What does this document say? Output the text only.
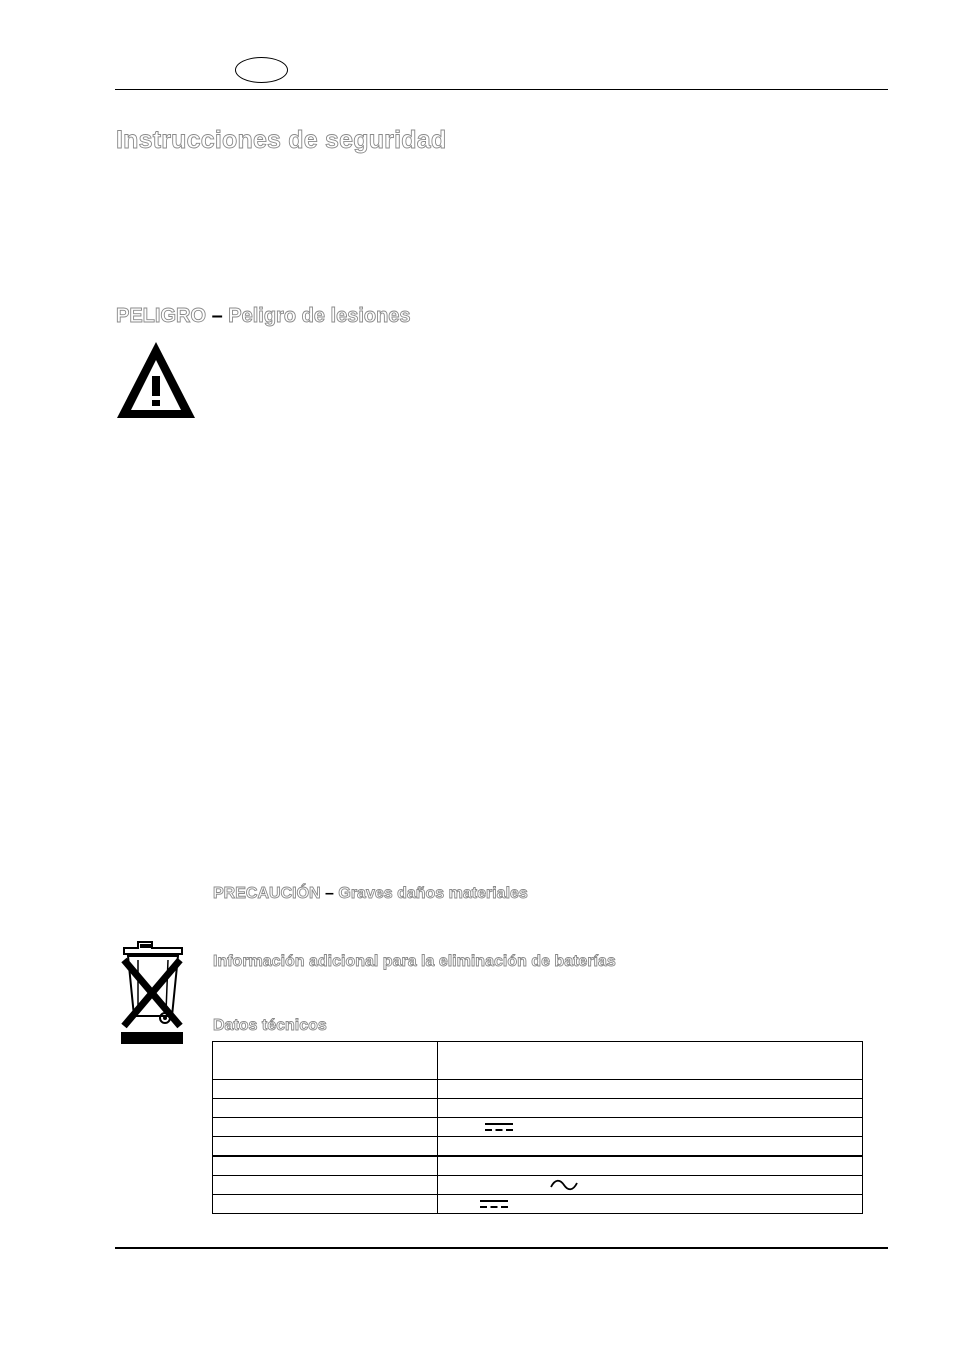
Instrucciones de seguridad
PELIGRO – Peligro de lesiones
PRECAUCIÓN – Graves daños materiales
Información adicional para la eliminación de baterías
Datos técnicos
